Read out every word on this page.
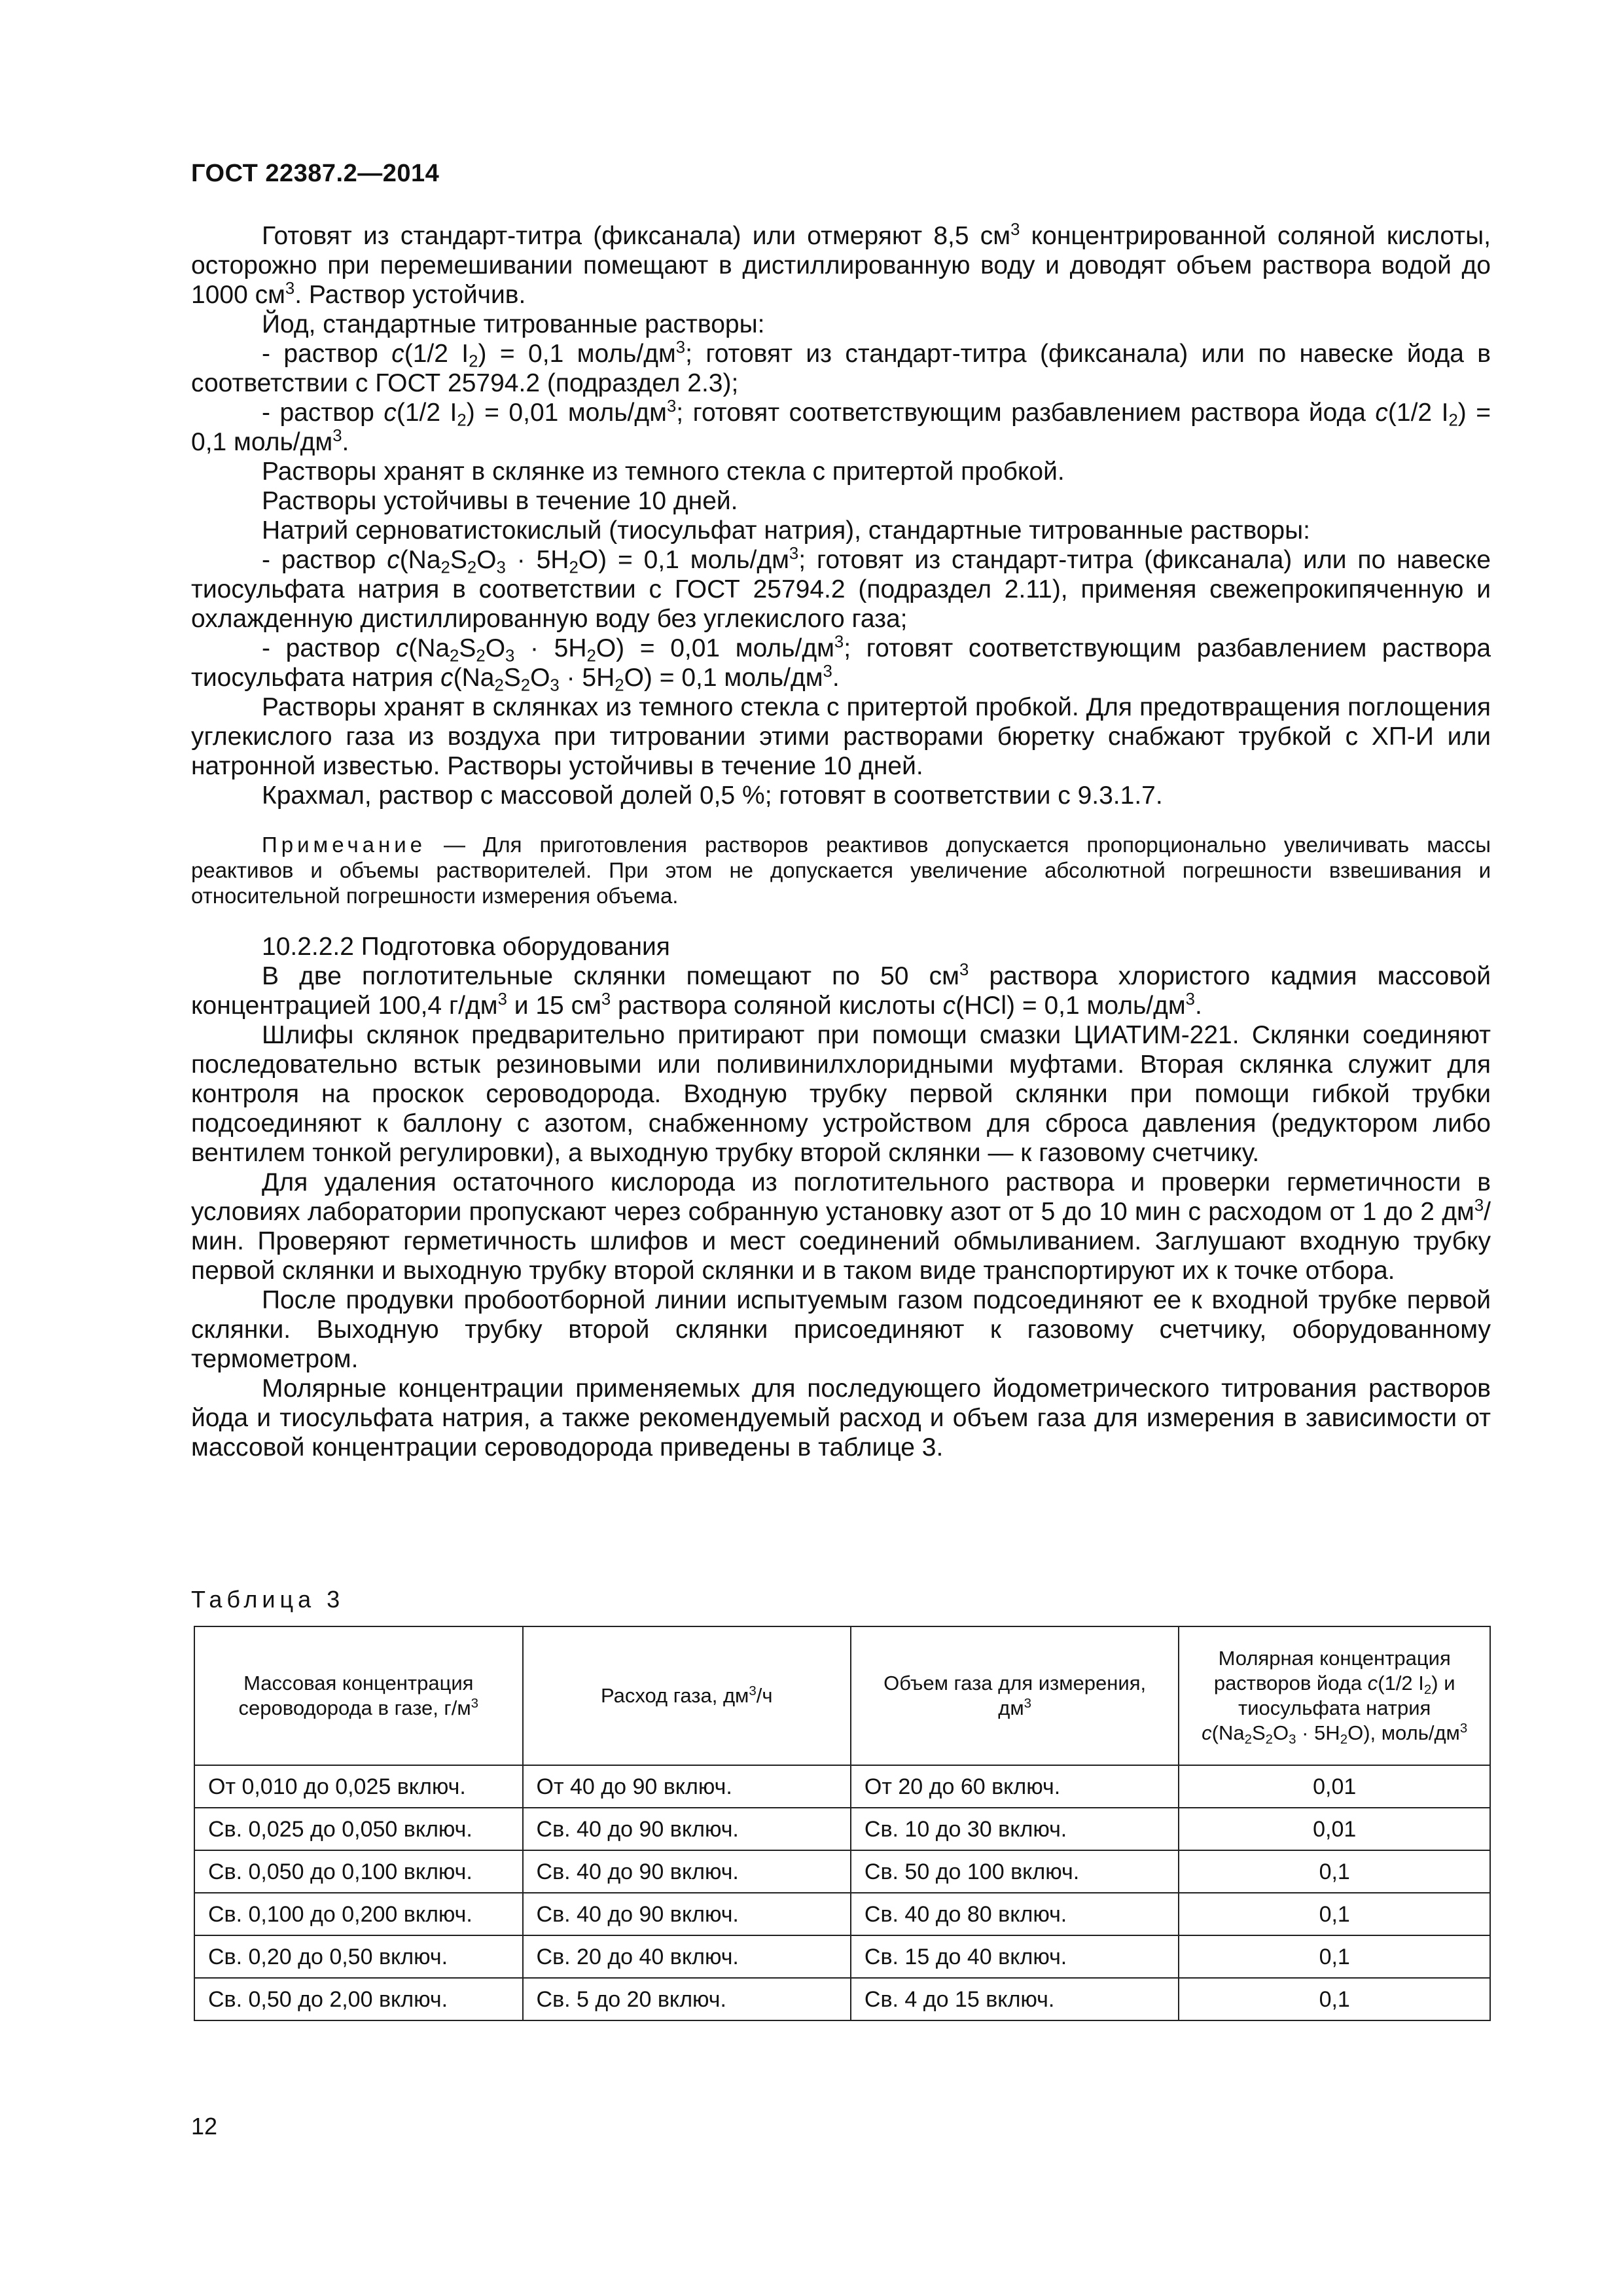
ГОСТ 22387.2—2014

Готовят из стандарт-титра (фиксанала) или отмеряют 8,5 $см^3$ концентрированной соляной кислоты, осторожно при перемешивании помещают в дистиллированную воду и доводят объем раствора водой до 1000 $см^3$. Раствор устойчив.

Йод, стандартные титрованные растворы:

- раствор c(1/2 $I_2) = 0,1$ моль/$дм^3$; готовят из стандарт-титра (фиксанала) или по навеске йода в соответствии с ГОСТ 25794.2 (подраздел 2.3);

- раствор c(1/2 $I_2) = 0,01$ моль/$дм^3$; готовят соответствующим разбавлением раствора йода c(1/2 $I_2) = 0,1$ моль/$дм^3$.

Растворы хранят в склянке из темного стекла с притертой пробкой.

Растворы устойчивы в течение 10 дней.

Натрий серноватистокислый (тиосульфат натрия), стандартные титрованные растворы:

- раствор $c(Na_2S_2O_3 \cdot 5H_2O) = 0,1$ моль/$дм^3$; готовят из стандарт-титра (фиксанала) или по навеске тиосульфата натрия в соответствии с ГОСТ 25794.2 (подраздел 2.11), применяя свежепрокипяченную и охлажденную дистиллированную воду без углекислого газа;

- раствор $c(Na_2S_2O_3 \cdot 5H_2O) = 0,01$ моль/$дм^3$; готовят соответствующим разбавлением раствора тиосульфата натрия $c(Na_2S_2O_3 \cdot 5H_2O) = 0,1$ моль/$дм^3$.

Растворы хранят в склянках из темного стекла с притертой пробкой. Для предотвращения поглощения углекислого газа из воздуха при титровании этими растворами бюретку снабжают трубкой с ХП-И или натронной известью. Растворы устойчивы в течение 10 дней.

Крахмал, раствор с массовой долей 0,5 %; готовят в соответствии с 9.3.1.7.

Примечание — Для приготовления растворов реактивов допускается пропорционально увеличивать массы реактивов и объемы растворителей. При этом не допускается увеличение абсолютной погрешности взвешивания и относительной погрешности измерения объема.

10.2.2.2 Подготовка оборудования

В две поглотительные склянки помещают по 50 $см^3$ раствора хлористого кадмия массовой концентрацией 100,4 $г/дм^3$ и 15 $см^3$ раствора соляной кислоты c(HCl) = 0,1 моль/$дм^3$.

Шлифы склянок предварительно притирают при помощи смазки ЦИАТИМ-221. Склянки соединяют последовательно встык резиновыми или поливинилхлоридными муфтами. Вторая склянка служит для контроля на проскок сероводорода. Входную трубку первой склянки при помощи гибкой трубки подсоединяют к баллону с азотом, снабженному устройством для сброса давления (редуктором либо вентилем тонкой регулировки), а выходную трубку второй склянки — к газовому счетчику.

Для удаления остаточного кислорода из поглотительного раствора и проверки герметичности в условиях лаборатории пропускают через собранную установку азот от 5 до 10 мин с расходом от 1 до 2 $дм^3$/мин. Проверяют герметичность шлифов и мест соединений обмыливанием. Заглушают входную трубку первой склянки и выходную трубку второй склянки и в таком виде транспортируют их к точке отбора.

После продувки пробоотборной линии испытуемым газом подсоединяют ее к входной трубке первой склянки. Выходную трубку второй склянки присоединяют к газовому счетчику, оборудованному термометром.

Молярные концентрации применяемых для последующего йодометрического титрования растворов йода и тиосульфата натрия, а также рекомендуемый расход и объем газа для измерения в зависимости от массовой концентрации сероводорода приведены в таблице 3.

Таблица 3
Массовая концентрация сероводорода в газе, $г/м^3$	Расход газа, $дм^3/ч$	Объем газа для измерения, $дм^3$	Молярная концентрация растворов йода c(1/2 $I_2$) и тиосульфата натрия $c(Na_2S_2O_3 \cdot 5H_2O)$, моль/$дм^3$
От 0,010 до 0,025 включ.	От 40 до 90 включ.	От 20 до 60 включ.	0,01
Св. 0,025 до 0,050 включ.	Св. 40 до 90 включ.	Св. 10 до 30 включ.	0,01
Св. 0,050 до 0,100 включ.	Св. 40 до 90 включ.	Св. 50 до 100 включ.	0,1
Св. 0,100 до 0,200 включ.	Св. 40 до 90 включ.	Св. 40 до 80 включ.	0,1
Св. 0,20 до 0,50 включ.	Св. 20 до 40 включ.	Св. 15 до 40 включ.	0,1
Св. 0,50 до 2,00 включ.	Св. 5 до 20 включ.	Св. 4 до 15 включ.	0,1
12
